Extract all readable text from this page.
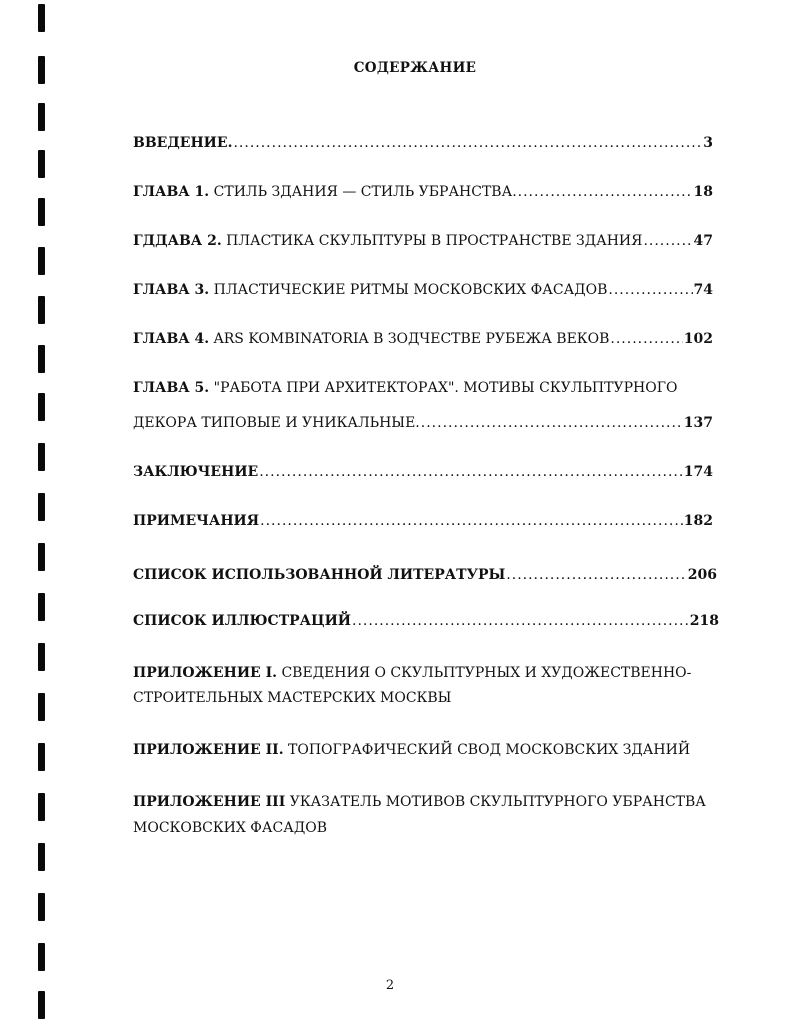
СОДЕРЖАНИЕ
ВВЕДЕНИЕ. .....	3
ГЛАВА 1. СТИЛЬ ЗДАНИЯ — СТИЛЬ УБРАНСТВА. .....	18
ГДДАВА 2. ПЛАСТИКА СКУЛЬПТУРЫ В ПРОСТРАНСТВЕ ЗДАНИЯ .....	47
ГЛАВА 3. ПЛАСТИЧЕСКИЕ РИТМЫ МОСКОВСКИХ ФАСАДОВ .....	74
ГЛАВА 4. ARS KOMBINATORIA В ЗОДЧЕСТВЕ РУБЕЖА ВЕКОВ .....	102
ГЛАВА 5. "РАБОТА ПРИ АРХИТЕКТОРАХ". МОТИВЫ СКУЛЬПТУРНОГО
ДЕКОРА ТИПОВЫЕ И УНИКАЛЬНЫЕ. .....	137
ЗАКЛЮЧЕНИЕ .....	174
ПРИМЕЧАНИЯ .....	182
СПИСОК ИСПОЛЬЗОВАННОЙ ЛИТЕРАТУРЫ .....	206
СПИСОК ИЛЛЮСТРАЦИЙ .....	218
ПРИЛОЖЕНИЕ I. СВЕДЕНИЯ О СКУЛЬПТУРНЫХ И ХУДОЖЕСТВЕННО-
СТРОИТЕЛЬНЫХ МАСТЕРСКИХ МОСКВЫ
ПРИЛОЖЕНИЕ II. ТОПОГРАФИЧЕСКИЙ СВОД МОСКОВСКИХ ЗДАНИЙ
ПРИЛОЖЕНИЕ III УКАЗАТЕЛЬ МОТИВОВ СКУЛЬПТУРНОГО УБРАНСТВА
МОСКОВСКИХ ФАСАДОВ
2
